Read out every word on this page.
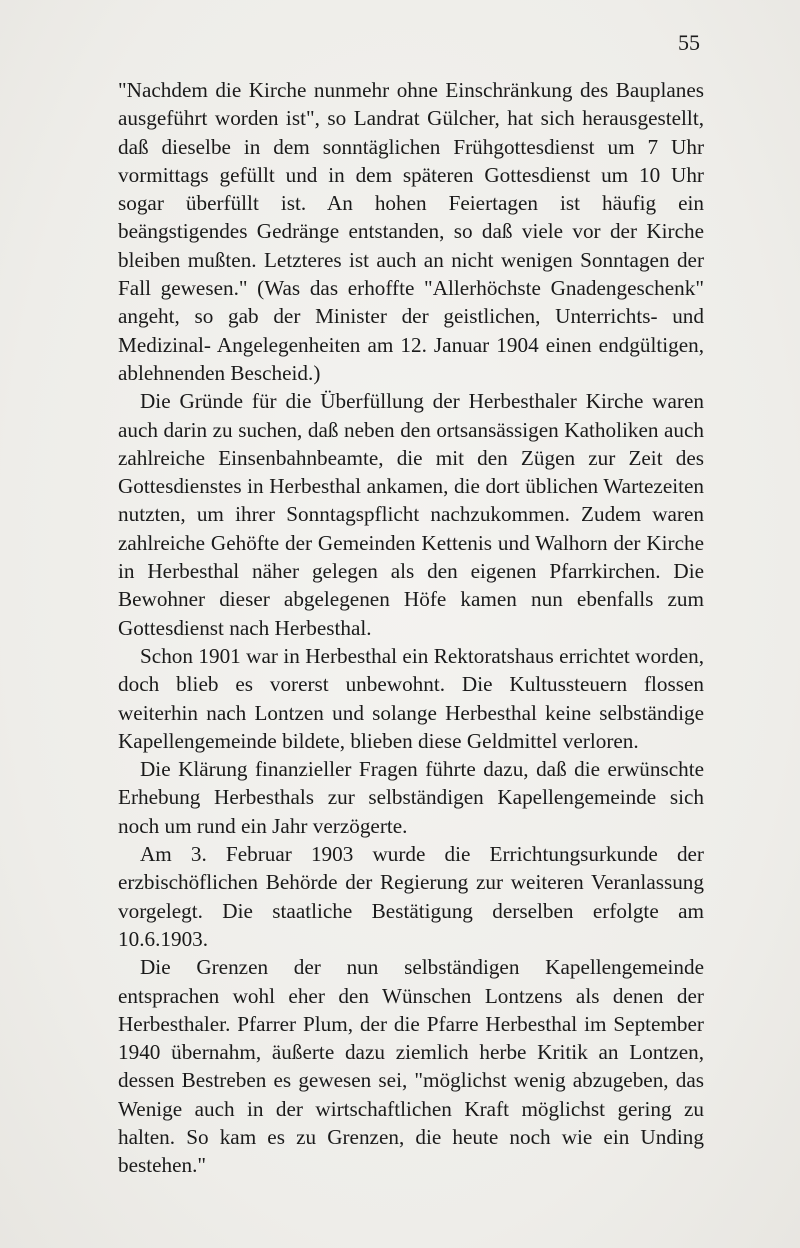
55

"Nachdem die Kirche nunmehr ohne Einschränkung des Bauplanes ausgeführt worden ist", so Landrat Gülcher, hat sich herausgestellt, daß dieselbe in dem sonntäglichen Frühgottesdienst um 7 Uhr vormittags gefüllt und in dem späteren Gottesdienst um 10 Uhr sogar überfüllt ist. An hohen Feiertagen ist häufig ein beängstigendes Gedränge entstanden, so daß viele vor der Kirche bleiben mußten. Letzteres ist auch an nicht wenigen Sonntagen der Fall gewesen." (Was das erhoffte "Allerhöchste Gnadengeschenk" angeht, so gab der Minister der geistlichen, Unterrichts- und Medizinal- Angelegenheiten am 12. Januar 1904 einen endgültigen, ablehnenden Bescheid.)

Die Gründe für die Überfüllung der Herbesthaler Kirche waren auch darin zu suchen, daß neben den ortsansässigen Katholiken auch zahlreiche Einsenbahnbeamte, die mit den Zügen zur Zeit des Gottesdienstes in Herbesthal ankamen, die dort üblichen Wartezeiten nutzten, um ihrer Sonntagspflicht nachzukommen. Zudem waren zahlreiche Gehöfte der Gemeinden Kettenis und Walhorn der Kirche in Herbesthal näher gelegen als den eigenen Pfarrkirchen. Die Bewohner dieser abgelegenen Höfe kamen nun ebenfalls zum Gottesdienst nach Herbesthal.

Schon 1901 war in Herbesthal ein Rektoratshaus errichtet worden, doch blieb es vorerst unbewohnt. Die Kultussteuern flossen weiterhin nach Lontzen und solange Herbesthal keine selbständige Kapellengemeinde bildete, blieben diese Geldmittel verloren.

Die Klärung finanzieller Fragen führte dazu, daß die erwünschte Erhebung Herbesthals zur selbständigen Kapellengemeinde sich noch um rund ein Jahr verzögerte.

Am 3. Februar 1903 wurde die Errichtungsurkunde der erzbischöflichen Behörde der Regierung zur weiteren Veranlassung vorgelegt. Die staatliche Bestätigung derselben erfolgte am 10.6.1903.

Die Grenzen der nun selbständigen Kapellengemeinde entsprachen wohl eher den Wünschen Lontzens als denen der Herbesthaler. Pfarrer Plum, der die Pfarre Herbesthal im September 1940 übernahm, äußerte dazu ziemlich herbe Kritik an Lontzen, dessen Bestreben es gewesen sei, "möglichst wenig abzugeben, das Wenige auch in der wirtschaftlichen Kraft möglichst gering zu halten. So kam es zu Grenzen, die heute noch wie ein Unding bestehen."
